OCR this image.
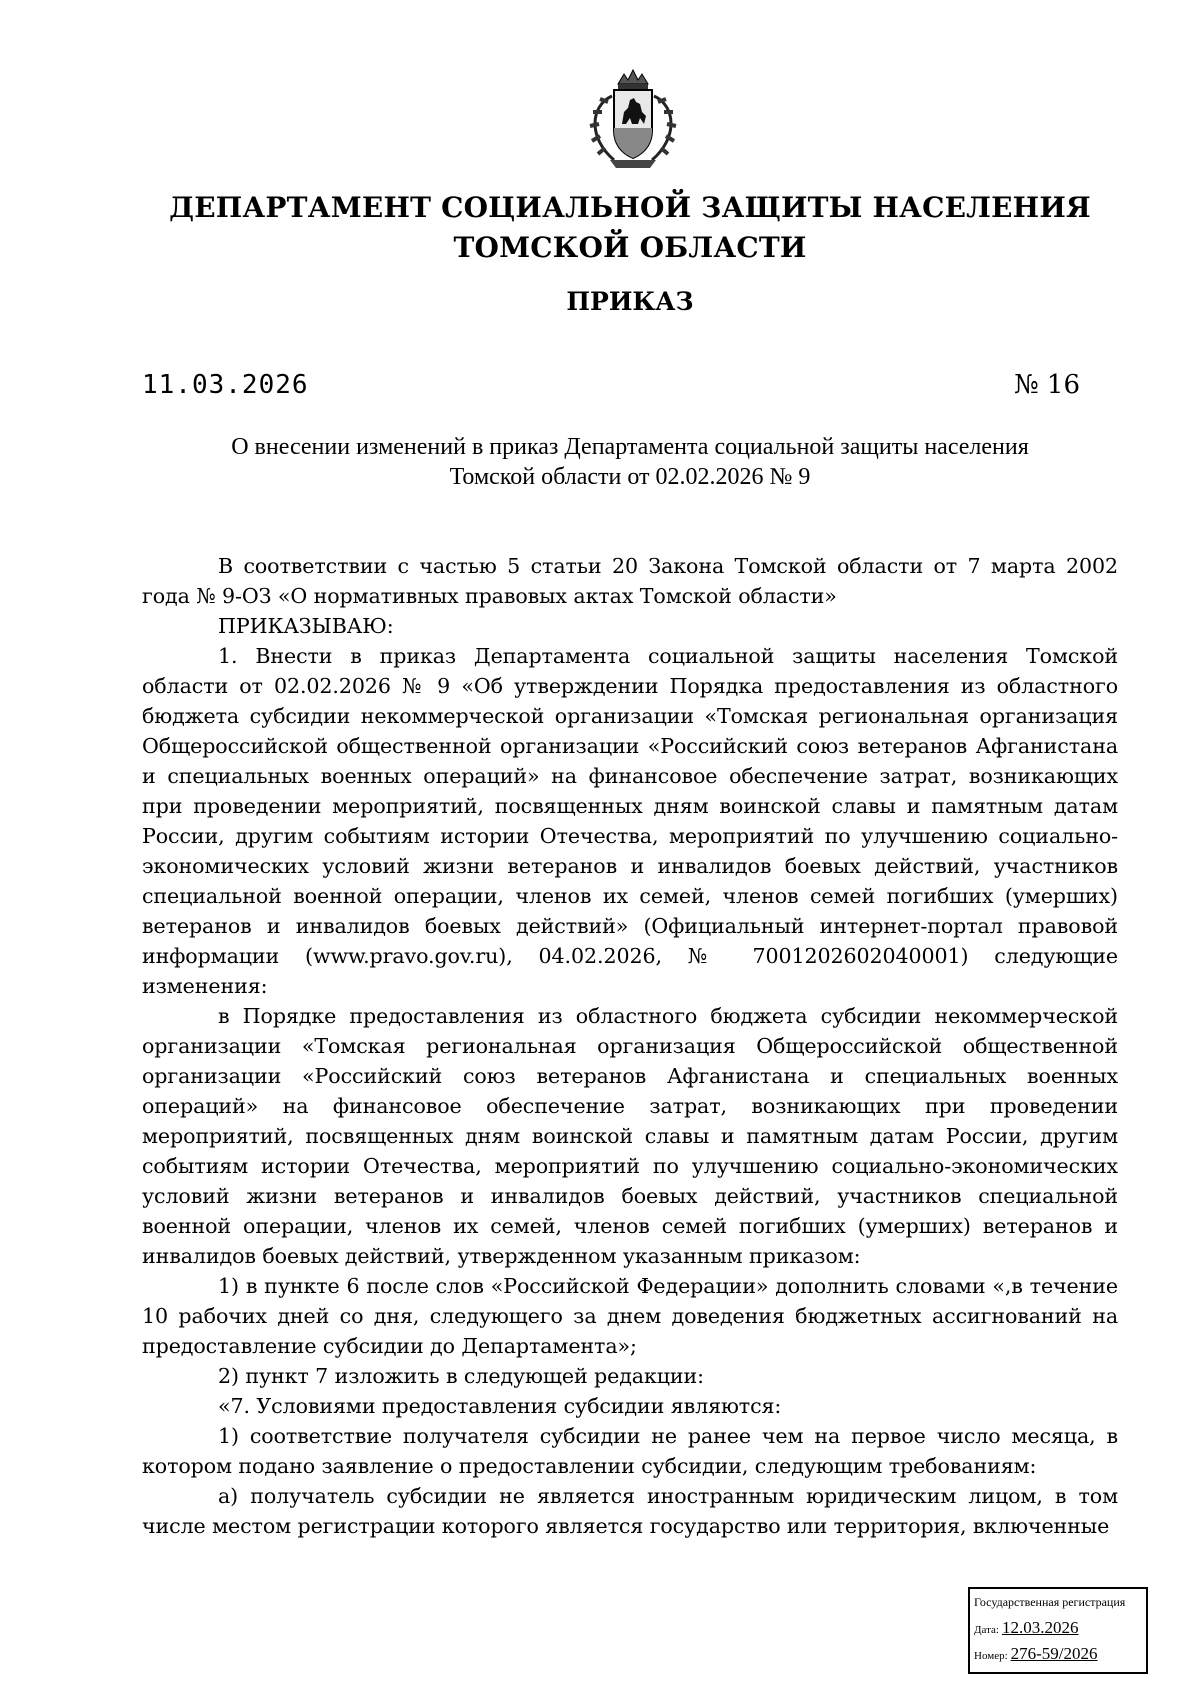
ДЕПАРТАМЕНТ СОЦИАЛЬНОЙ ЗАЩИТЫ НАСЕЛЕНИЯ
ТОМСКОЙ ОБЛАСТИ
ПРИКАЗ
11.03.2026	№ 16
О внесении изменений в приказ Департамента социальной защиты населения
Томской области от 02.02.2026 № 9

В соответствии с частью 5 статьи 20 Закона Томской области от 7 марта 2002 года № 9-ОЗ «О нормативных правовых актах Томской области»

ПРИКАЗЫВАЮ:

1. Внести в приказ Департамента социальной защиты населения Томской области от 02.02.2026 № 9 «Об утверждении Порядка предоставления из областного бюджета субсидии некоммерческой организации «Томская региональная организация Общероссийской общественной организации «Российский союз ветеранов Афганистана и специальных военных операций» на финансовое обеспечение затрат, возникающих при проведении мероприятий, посвященных дням воинской славы и памятным датам России, другим событиям истории Отечества, мероприятий по улучшению социально-экономических условий жизни ветеранов и инвалидов боевых действий, участников специальной военной операции, членов их семей, членов семей погибших (умерших) ветеранов и инвалидов боевых действий» (Официальный интернет-портал правовой информации (www.pravo.gov.ru), 04.02.2026, № 7001202602040001) следующие изменения:

в Порядке предоставления из областного бюджета субсидии некоммерческой организации «Томская региональная организация Общероссийской общественной организации «Российский союз ветеранов Афганистана и специальных военных операций» на финансовое обеспечение затрат, возникающих при проведении мероприятий, посвященных дням воинской славы и памятным датам России, другим событиям истории Отечества, мероприятий по улучшению социально-экономических условий жизни ветеранов и инвалидов боевых действий, участников специальной военной операции, членов их семей, членов семей погибших (умерших) ветеранов и инвалидов боевых действий, утвержденном указанным приказом:

1) в пункте 6 после слов «Российской Федерации» дополнить словами «,в течение 10 рабочих дней со дня, следующего за днем доведения бюджетных ассигнований на предоставление субсидии до Департамента»;

2) пункт 7 изложить в следующей редакции:

«7. Условиями предоставления субсидии являются:

1) соответствие получателя субсидии не ранее чем на первое число месяца, в котором подано заявление о предоставлении субсидии, следующим требованиям:

а) получатель субсидии не является иностранным юридическим лицом, в том числе местом регистрации которого является государство или территория, включенные

Государственная регистрация
Дата: 12.03.2026
Номер: 276-59/2026
